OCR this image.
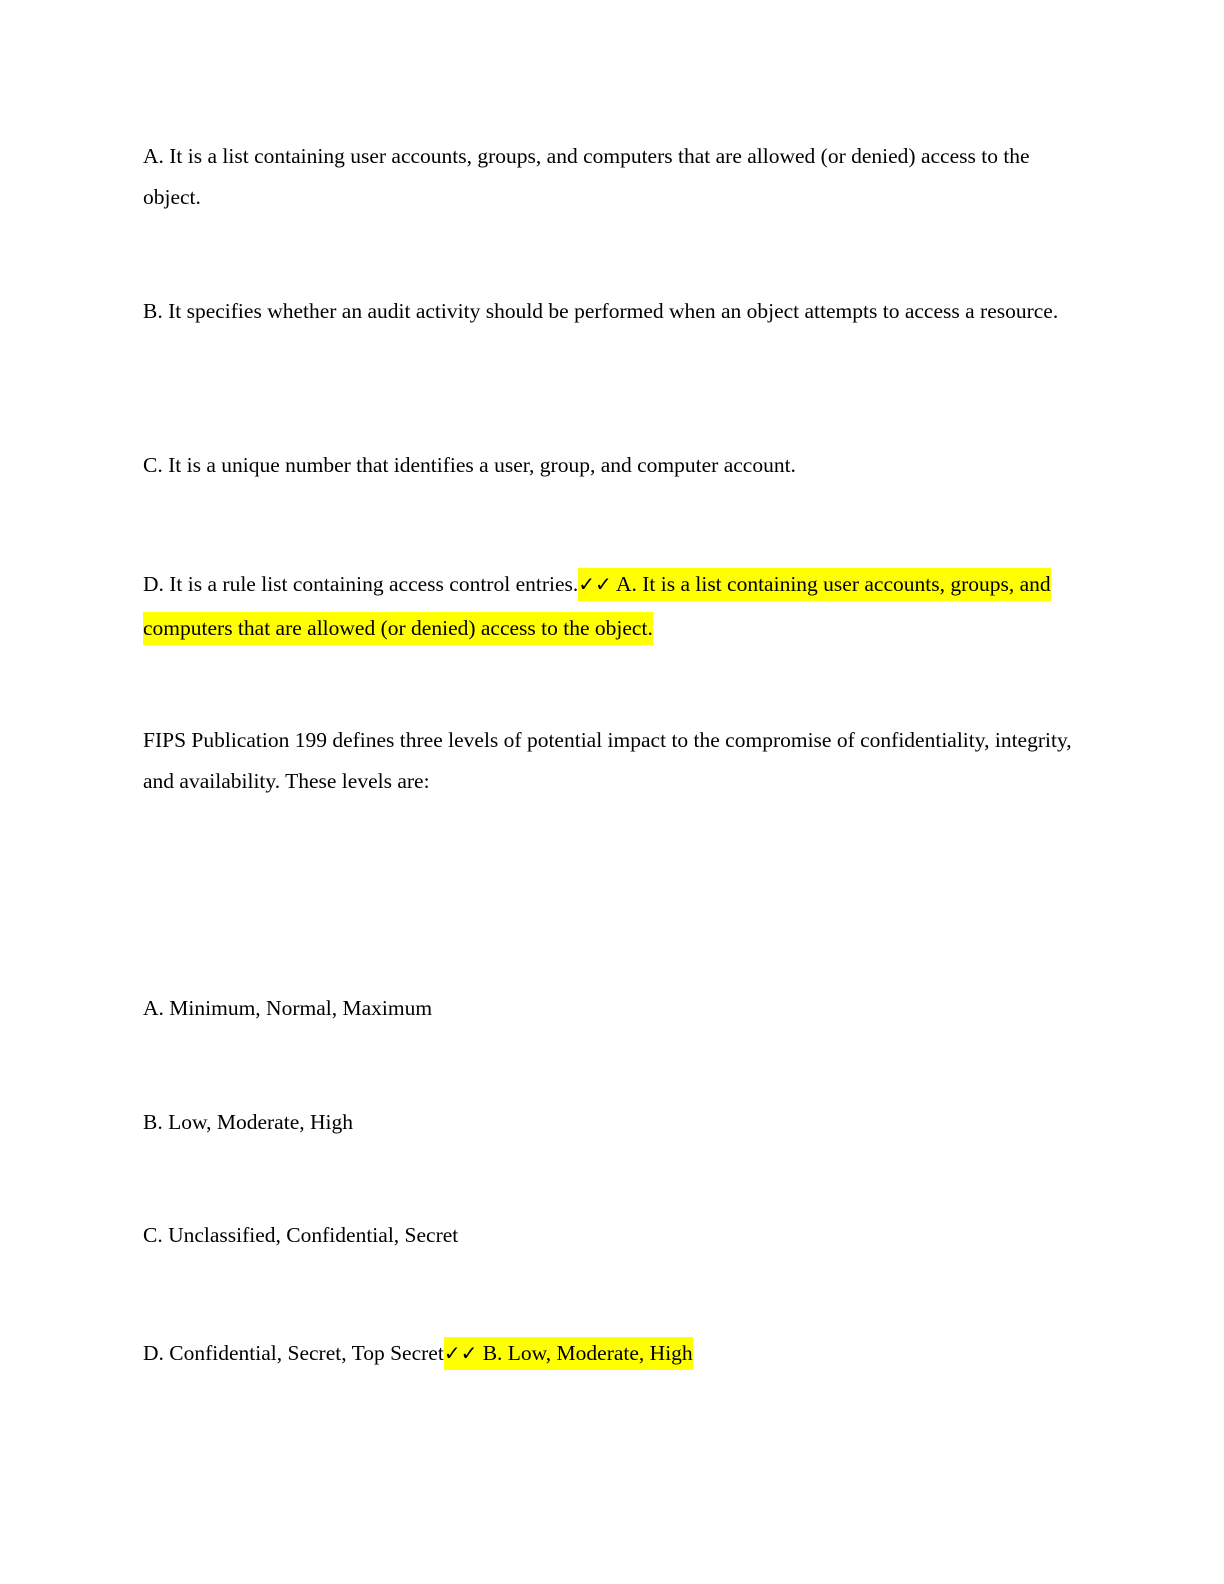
A. It is a list containing user accounts, groups, and computers that are allowed (or denied) access to the object.

B. It specifies whether an audit activity should be performed when an object attempts to access a resource.

C. It is a unique number that identifies a user, group, and computer account.

D. It is a rule list containing access control entries.✓✓ A. It is a list containing user accounts, groups, and computers that are allowed (or denied) access to the object.

FIPS Publication 199 defines three levels of potential impact to the compromise of confidentiality, integrity, and availability. These levels are:

A. Minimum, Normal, Maximum

B. Low, Moderate, High

C. Unclassified, Confidential, Secret

D. Confidential, Secret, Top Secret✓✓ B. Low, Moderate, High
